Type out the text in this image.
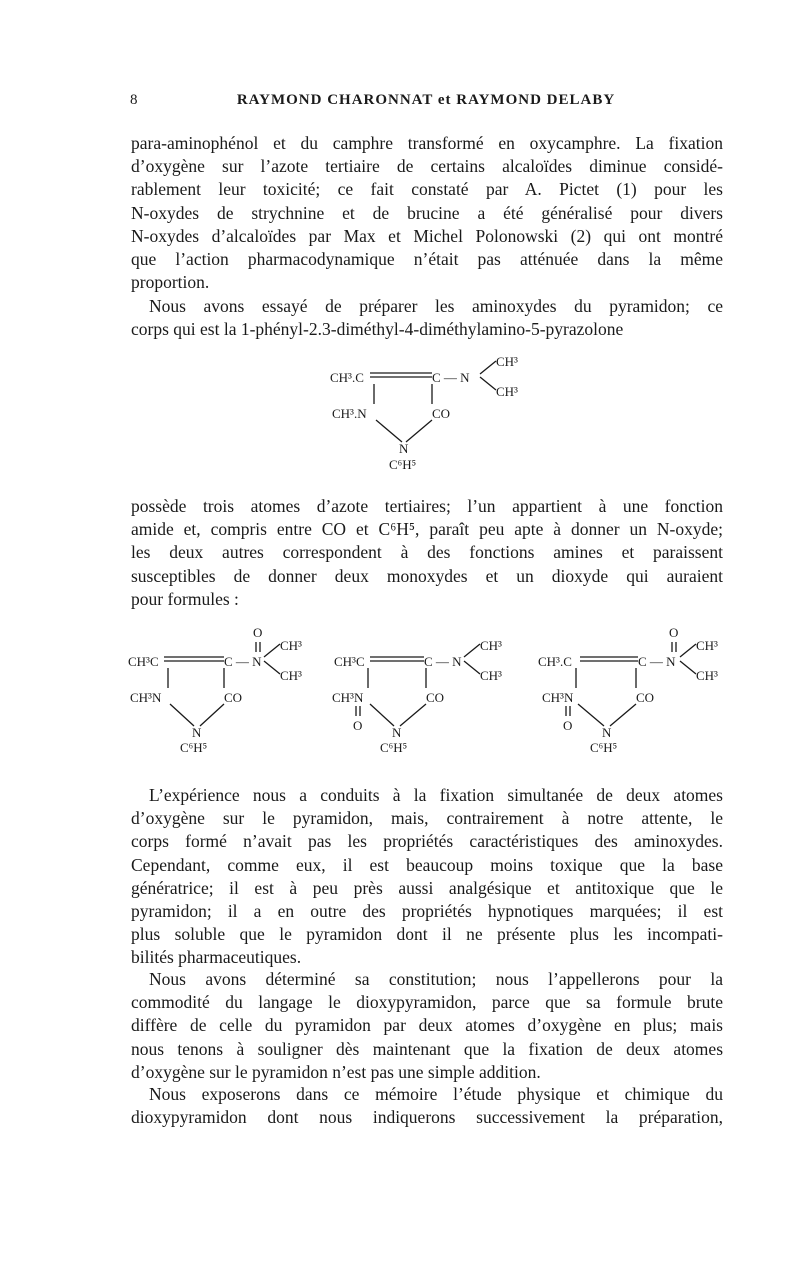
8	RAYMOND CHARONNAT et RAYMOND DELABY
para-aminophénol et du camphre transformé en oxycamphre. La fixation
d’oxygène sur l’azote tertiaire de certains alcaloïdes diminue considé-
rablement leur toxicité; ce fait constaté par A. Pictet (1) pour les
N-oxydes de strychnine et de brucine a été généralisé pour divers
N-oxydes d’alcaloïdes par Max et Michel Polonowski (2) qui ont montré
que l’action pharmacodynamique n’était pas atténuée dans la même
proportion.
Nous avons essayé de préparer les aminoxydes du pyramidon; ce
corps qui est la 1-phényl-2.3-diméthyl-4-diméthylamino-5-pyrazolone
CH³.C	C — N
CH³
CH³
CH³.N	CO
N
C⁶H⁵
possède trois atomes d’azote tertiaires; l’un appartient à une fonction
amide et, compris entre CO et C⁶H⁵, paraît peu apte à donner un N-oxyde;
les deux autres correspondent à des fonctions amines et paraissent
susceptibles de donner deux monoxydes et un dioxyde qui auraient
pour formules :
O
CH³C	C — N
CH³
CH³
CH³N	CO
N
C⁶H⁵
CH³C	C — N
CH³
CH³
CH³N	CO
O N
C⁶H⁵
O
CH³.C	C — N
CH³
CH³
CH³N	CO
O N
C⁶H⁵
L’expérience nous a conduits à la fixation simultanée de deux atomes
d’oxygène sur le pyramidon, mais, contrairement à notre attente, le
corps formé n’avait pas les propriétés caractéristiques des aminoxydes.
Cependant, comme eux, il est beaucoup moins toxique que la base
génératrice; il est à peu près aussi analgésique et antitoxique que le
pyramidon; il a en outre des propriétés hypnotiques marquées; il est
plus soluble que le pyramidon dont il ne présente plus les incompati-
bilités pharmaceutiques.
Nous avons déterminé sa constitution; nous l’appellerons pour la
commodité du langage le dioxypyramidon, parce que sa formule brute
diffère de celle du pyramidon par deux atomes d’oxygène en plus; mais
nous tenons à souligner dès maintenant que la fixation de deux atomes
d’oxygène sur le pyramidon n’est pas une simple addition.
Nous exposerons dans ce mémoire l’étude physique et chimique du
dioxypyramidon dont nous indiquerons successivement la préparation,
